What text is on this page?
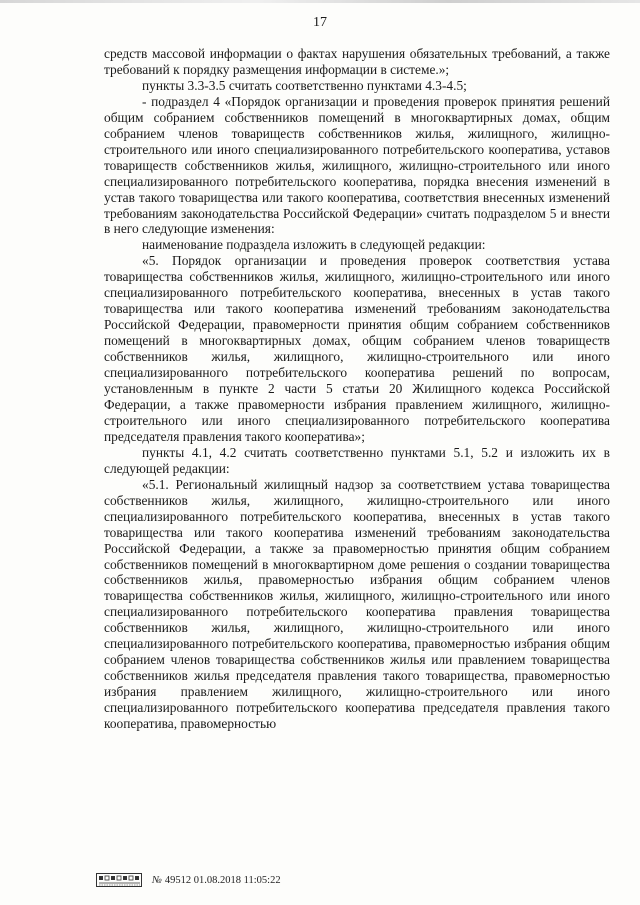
17

средств массовой информации о фактах нарушения обязательных требований, а также требований к порядку размещения информации в системе.»;

пункты 3.3-3.5 считать соответственно пунктами 4.3-4.5;

- подраздел 4 «Порядок организации и проведения проверок принятия решений общим собранием собственников помещений в многоквартирных домах, общим собранием членов товариществ собственников жилья, жилищного, жилищно-строительного или иного специализированного потребительского кооператива, уставов товариществ собственников жилья, жилищного, жилищно-строительного или иного специализированного потребительского кооператива, порядка внесения изменений в устав такого товарищества или такого кооператива, соответствия внесенных изменений требованиям законодательства Российской Федерации» считать подразделом 5 и внести в него следующие изменения:

наименование подраздела изложить в следующей редакции:

«5. Порядок организации и проведения проверок соответствия устава товарищества собственников жилья, жилищного, жилищно-строительного или иного специализированного потребительского кооператива, внесенных в устав такого товарищества или такого кооператива изменений требованиям законодательства Российской Федерации, правомерности принятия общим собранием собственников помещений в многоквартирных домах, общим собранием членов товариществ собственников жилья, жилищного, жилищно-строительного или иного специализированного потребительского кооператива решений по вопросам, установленным в пункте 2 части 5 статьи 20 Жилищного кодекса Российской Федерации, а также правомерности избрания правлением жилищного, жилищно-строительного или иного специализированного потребительского кооператива председателя правления такого кооператива»;

пункты 4.1, 4.2 считать соответственно пунктами 5.1, 5.2 и изложить их в следующей редакции:

«5.1. Региональный жилищный надзор за соответствием устава товарищества собственников жилья, жилищного, жилищно-строительного или иного специализированного потребительского кооператива, внесенных в устав такого товарищества или такого кооператива изменений требованиям законодательства Российской Федерации, а также за правомерностью принятия общим собранием собственников помещений в многоквартирном доме решения о создании товарищества собственников жилья, правомерностью избрания общим собранием членов товарищества собственников жилья, жилищного, жилищно-строительного или иного специализированного потребительского кооператива правления товарищества собственников жилья, жилищного, жилищно-строительного или иного специализированного потребительского кооператива, правомерностью избрания общим собранием членов товарищества собственников жилья или правлением товарищества собственников жилья председателя правления такого товарищества, правомерностью избрания правлением жилищного, жилищно-строительного или иного специализированного потребительского кооператива председателя правления такого кооператива, правомерностью

№ 49512 01.08.2018 11:05:22
